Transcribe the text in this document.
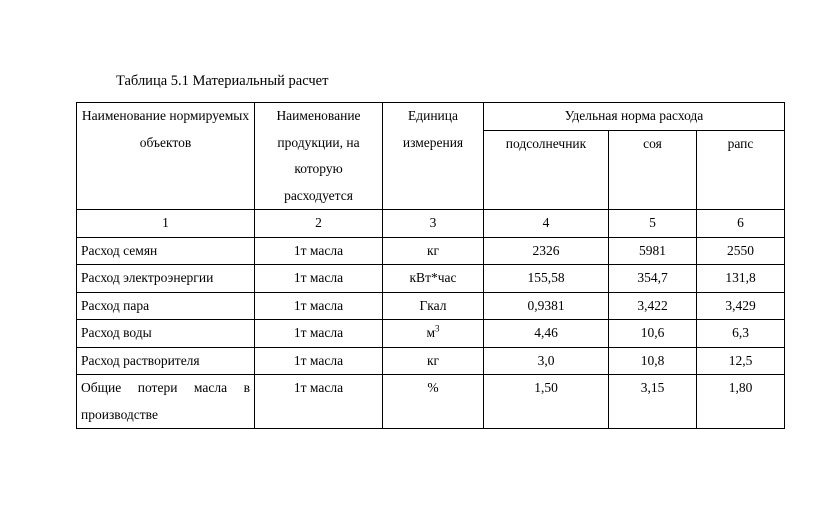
Таблица 5.1 Материальный расчет
Наименование нормируемых объектов	Наименование продукции, на которую расходуется	Единица измерения	Удельная норма расхода		
			подсолнечник	соя	рапс
1	2	3	4	5	6
Расход семян	1т масла	кг	2326	5981	2550
Расход электроэнергии	1т масла	кВт*час	155,58	354,7	131,8
Расход пара	1т масла	Гкал	0,9381	3,422	3,429
Расход воды	1т масла	$м^3$	4,46	10,6	6,3
Расход растворителя	1т масла	кг	3,0	10,8	12,5
Общие потери масла в производстве	1т масла	%	1,50	3,15	1,80
